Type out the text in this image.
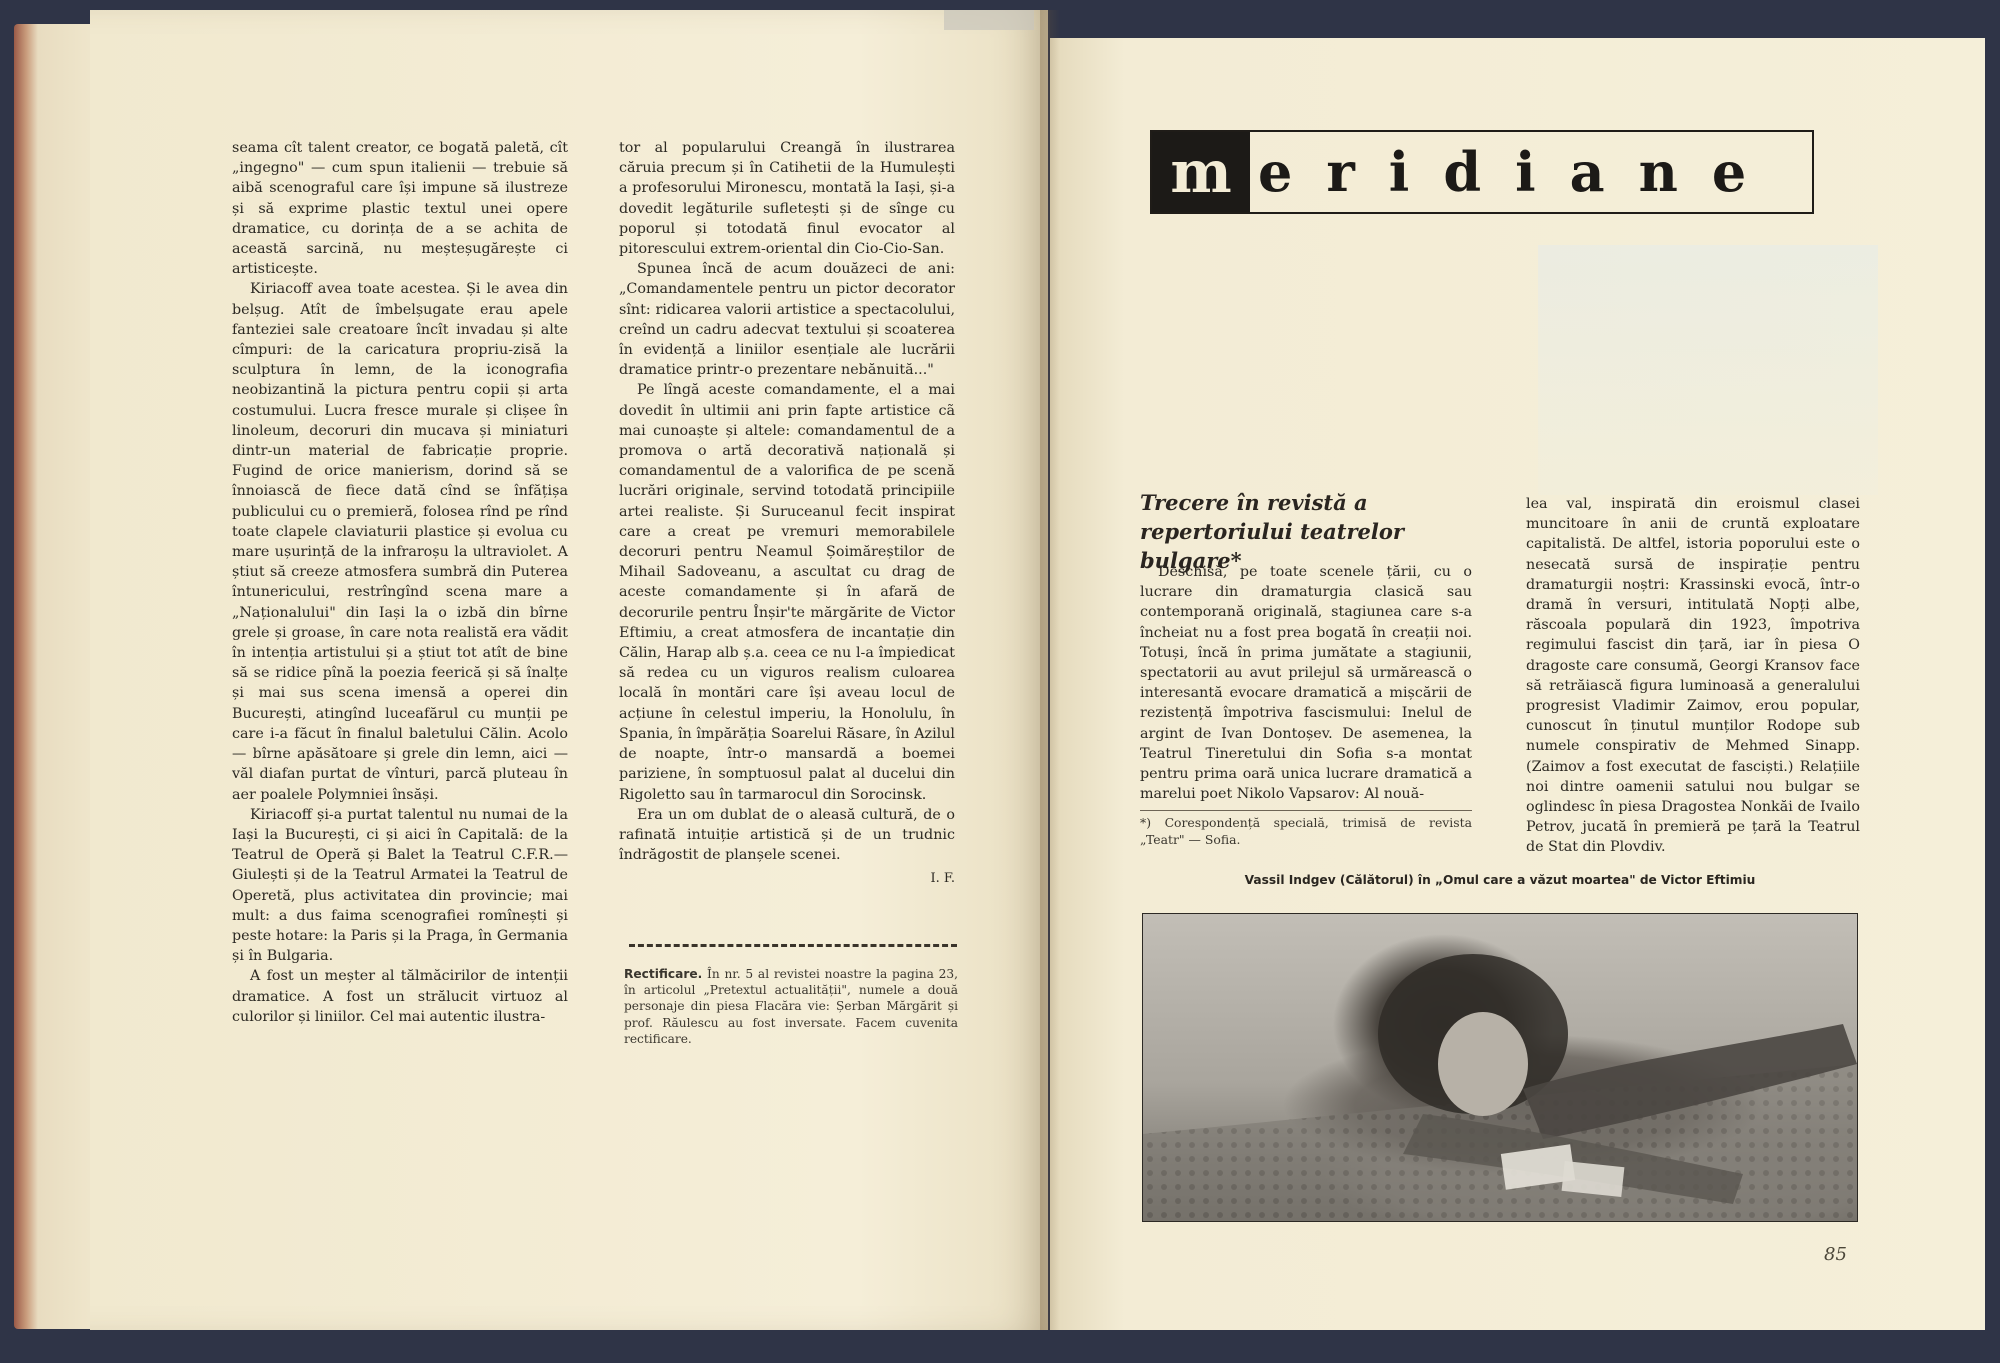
seama cît talent creator, ce bogată paletă, cît „ingegno" — cum spun italienii — trebuie să aibă scenograful care își impune să ilustreze și să exprime plastic textul unei opere dramatice, cu dorința de a se achita de această sarcină, nu meșteșugărește ci artisticește.

Kiriacoff avea toate acestea. Și le avea din belșug. Atît de îmbelșugate erau apele fanteziei sale creatoare încît invadau și alte cîmpuri: de la caricatura propriu-zisă la sculptura în lemn, de la iconografia neobizantină la pictura pentru copii și arta costumului. Lucra fresce murale și clișee în linoleum, decoruri din mucava și miniaturi dintr-un material de fabricație proprie. Fugind de orice manierism, dorind să se înnoiască de fiece dată cînd se înfățișa publicului cu o premieră, folosea rînd pe rînd toate clapele claviaturii plastice și evolua cu mare ușurință de la infraroșu la ultraviolet. A știut să creeze atmosfera sumbră din Puterea întunericului, restrîngînd scena mare a „Naționalului" din Iași la o izbă din bîrne grele și groase, în care nota realistă era vădit în intenția artistului și a știut tot atît de bine să se ridice pînă la poezia feerică și să înalțe și mai sus scena imensă a operei din București, atingînd luceafărul cu munții pe care i-a făcut în finalul baletului Călin. Acolo — bîrne apăsătoare și grele din lemn, aici — văl diafan purtat de vînturi, parcă pluteau în aer poalele Polymniei însăși.

Kiriacoff și-a purtat talentul nu numai de la Iași la București, ci și aici în Capitală: de la Teatrul de Operă și Balet la Teatrul C.F.R.—Giulești și de la Teatrul Armatei la Teatrul de Operetă, plus activitatea din provincie; mai mult: a dus faima scenografiei romînești și peste hotare: la Paris și la Praga, în Germania și în Bulgaria.

A fost un meșter al tălmăcirilor de intenții dramatice. A fost un strălucit virtuoz al culorilor și liniilor. Cel mai autentic ilustra-

tor al popularului Creangă în ilustrarea căruia precum și în Catihetii de la Humulești a profesorului Mironescu, montată la Iași, și-a dovedit legăturile sufletești și de sînge cu poporul și totodată finul evocator al pitorescului extrem-oriental din Cio-Cio-San.

Spunea încă de acum douăzeci de ani: „Comandamentele pentru un pictor decorator sînt: ridicarea valorii artistice a spectacolului, creînd un cadru adecvat textului și scoaterea în evidență a liniilor esențiale ale lucrării dramatice printr-o prezentare nebănuită..."

Pe lîngă aceste comandamente, el a mai dovedit în ultimii ani prin fapte artistice cã mai cunoaște și altele: comandamentul de a promova o artă decorativă națională și comandamentul de a valorifica de pe scenă lucrări originale, servind totodată principiile artei realiste. Și Suruceanul fecit inspirat care a creat pe vremuri memorabilele decoruri pentru Neamul Șoimăreștilor de Mihail Sadoveanu, a ascultat cu drag de aceste comandamente și în afară de decorurile pentru Înșir'te mărgărite de Victor Eftimiu, a creat atmosfera de incantație din Călin, Harap alb ș.a. ceea ce nu l-a împiedicat să redea cu un viguros realism culoarea locală în montări care își aveau locul de acțiune în celestul imperiu, la Honolulu, în Spania, în împărăția Soarelui Răsare, în Azilul de noapte, într-o mansardă a boemei pariziene, în somptuosul palat al ducelui din Rigoletto sau în tarmarocul din Sorocinsk.

Era un om dublat de o aleasă cultură, de o rafinată intuiție artistică și de un trudnic îndrăgostit de planșele scenei.

I. F.
Rectificare. În nr. 5 al revistei noastre la pagina 23, în articolul „Pretextul actualității", numele a două personaje din piesa Flacăra vie: Șerban Mărgărit și prof. Răulescu au fost inversate. Facem cuvenita rectificare.
m eridiane
Trecere în revistă a repertoriului teatrelor bulgare*

Deschisă, pe toate scenele țării, cu o lucrare din dramaturgia clasică sau contemporană originală, stagiunea care s-a încheiat nu a fost prea bogată în creații noi. Totuși, încă în prima jumătate a stagiunii, spectatorii au avut prilejul să urmărească o interesantă evocare dramatică a mișcării de rezistență împotriva fascismului: Inelul de argint de Ivan Dontoșev. De asemenea, la Teatrul Tineretului din Sofia s-a montat pentru prima oară unica lucrare dramatică a marelui poet Nikolo Vapsarov: Al nouă-

lea val, inspirată din eroismul clasei muncitoare în anii de cruntă exploatare capitalistă. De altfel, istoria poporului este o nesecată sursă de inspirație pentru dramaturgii noștri: Krassinski evocă, într-o dramă în versuri, intitulată Nopți albe, răscoala populară din 1923, împotriva regimului fascist din țară, iar în piesa O dragoste care consumă, Georgi Kransov face să retrăiască figura luminoasă a generalului progresist Vladimir Zaimov, erou popular, cunoscut în ținutul munților Rodope sub numele conspirativ de Mehmed Sinapp. (Zaimov a fost executat de fasciști.) Relațiile noi dintre oamenii satului nou bulgar se oglindesc în piesa Dragostea Nonkăi de Ivailo Petrov, jucată în premieră pe țară la Teatrul de Stat din Plovdiv.

*) Corespondență specială, trimisă de revista „Teatr" — Sofia.
Vassil Indgev (Călătorul) în „Omul care a văzut moartea" de Victor Eftimiu
85
